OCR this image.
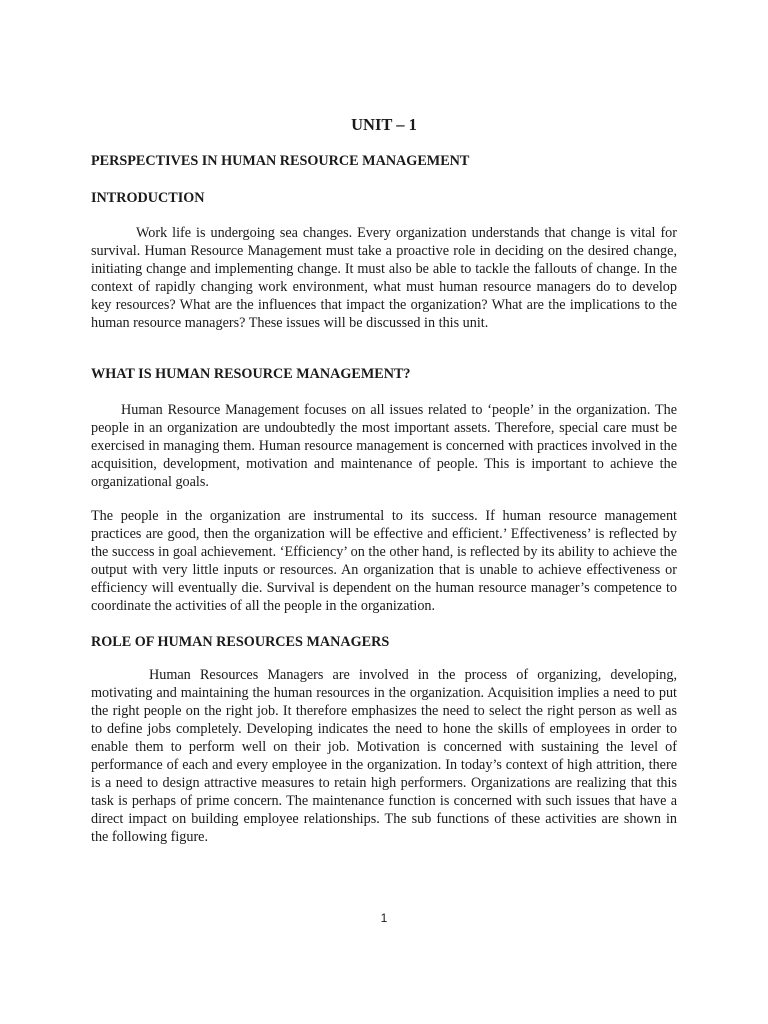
UNIT – 1
PERSPECTIVES IN HUMAN RESOURCE MANAGEMENT
INTRODUCTION

Work life is undergoing sea changes. Every organization understands that change is vital for survival. Human Resource Management must take a proactive role in deciding on the desired change, initiating change and implementing change. It must also be able to tackle the fallouts of change. In the context of rapidly changing work environment, what must human resource managers do to develop key resources? What are the influences that impact the organization? What are the implications to the human resource managers? These issues will be discussed in this unit.

WHAT IS HUMAN RESOURCE MANAGEMENT?

Human Resource Management focuses on all issues related to ‘people’ in the organization. The people in an organization are undoubtedly the most important assets. Therefore, special care must be exercised in managing them. Human resource management is concerned with practices involved in the acquisition, development, motivation and maintenance of people. This is important to achieve the organizational goals.

The people in the organization are instrumental to its success. If human resource management practices are good, then the organization will be effective and efficient.’ Effectiveness’ is reflected by the success in goal achievement. ‘Efficiency’ on the other hand, is reflected by its ability to achieve the output with very little inputs or resources. An organization that is unable to achieve effectiveness or efficiency will eventually die. Survival is dependent on the human resource manager’s competence to coordinate the activities of all the people in the organization.

ROLE OF HUMAN RESOURCES MANAGERS

Human Resources Managers are involved in the process of organizing, developing, motivating and maintaining the human resources in the organization. Acquisition implies a need to put the right people on the right job. It therefore emphasizes the need to select the right person as well as to define jobs completely. Developing indicates the need to hone the skills of employees in order to enable them to perform well on their job. Motivation is concerned with sustaining the level of performance of each and every employee in the organization. In today’s context of high attrition, there is a need to design attractive measures to retain high performers. Organizations are realizing that this task is perhaps of prime concern. The maintenance function is concerned with such issues that have a direct impact on building employee relationships. The sub functions of these activities are shown in the following figure.

1
